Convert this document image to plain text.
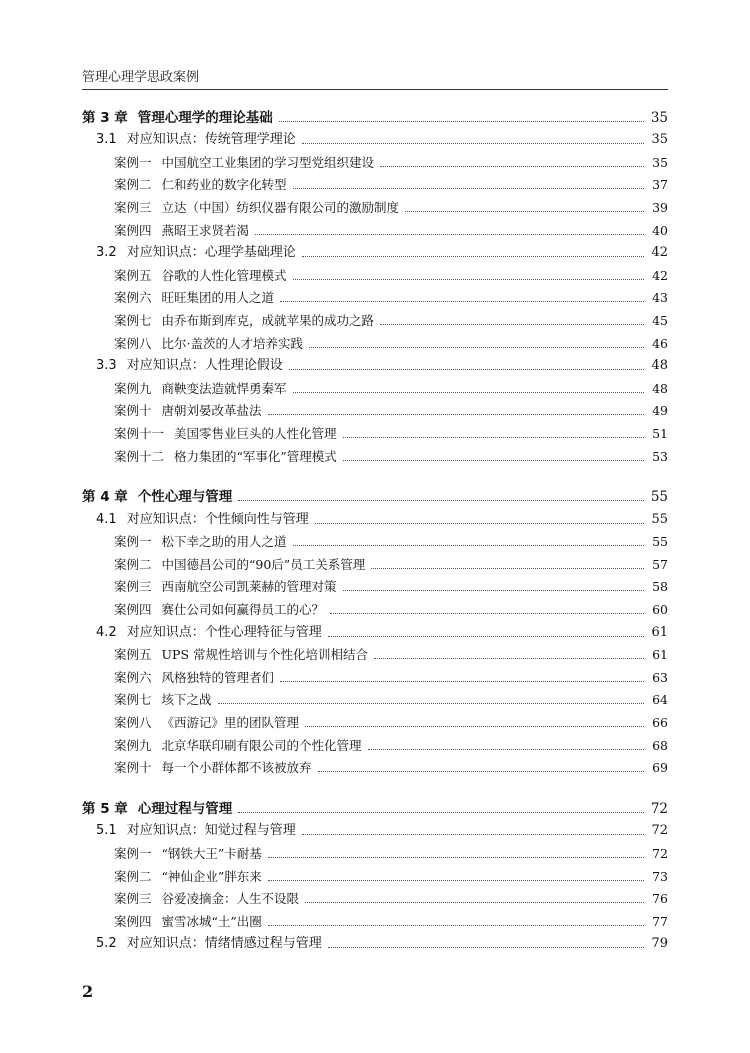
管理心理学思政案例
第 3 章 管理心理学的理论基础	35
3.1 对应知识点：传统管理学理论	35
案例一 中国航空工业集团的学习型党组织建设	35
案例二 仁和药业的数字化转型	37
案例三 立达（中国）纺织仪器有限公司的激励制度	39
案例四 燕昭王求贤若渴	40
3.2 对应知识点：心理学基础理论	42
案例五 谷歌的人性化管理模式	42
案例六 旺旺集团的用人之道	43
案例七 由乔布斯到库克，成就苹果的成功之路	45
案例八 比尔·盖茨的人才培养实践	46
3.3 对应知识点：人性理论假设	48
案例九 商鞅变法造就悍勇秦军	48
案例十 唐朝刘晏改革盐法	49
案例十一 美国零售业巨头的人性化管理	51
案例十二 格力集团的“军事化”管理模式	53
第 4 章 个性心理与管理	55
4.1 对应知识点：个性倾向性与管理	55
案例一 松下幸之助的用人之道	55
案例二 中国德昌公司的“90后”员工关系管理	57
案例三 西南航空公司凯莱赫的管理对策	58
案例四 赛仕公司如何赢得员工的心？	60
4.2 对应知识点：个性心理特征与管理	61
案例五 UPS 常规性培训与个性化培训相结合	61
案例六 风格独特的管理者们	63
案例七 垓下之战	64
案例八 《西游记》里的团队管理	66
案例九 北京华联印刷有限公司的个性化管理	68
案例十 每一个小群体都不该被放弃	69
第 5 章 心理过程与管理	72
5.1 对应知识点：知觉过程与管理	72
案例一 “钢铁大王”卡耐基	72
案例二 “神仙企业”胖东来	73
案例三 谷爱凌摘金：人生不设限	76
案例四 蜜雪冰城“土”出圈	77
5.2 对应知识点：情绪情感过程与管理	79
2
